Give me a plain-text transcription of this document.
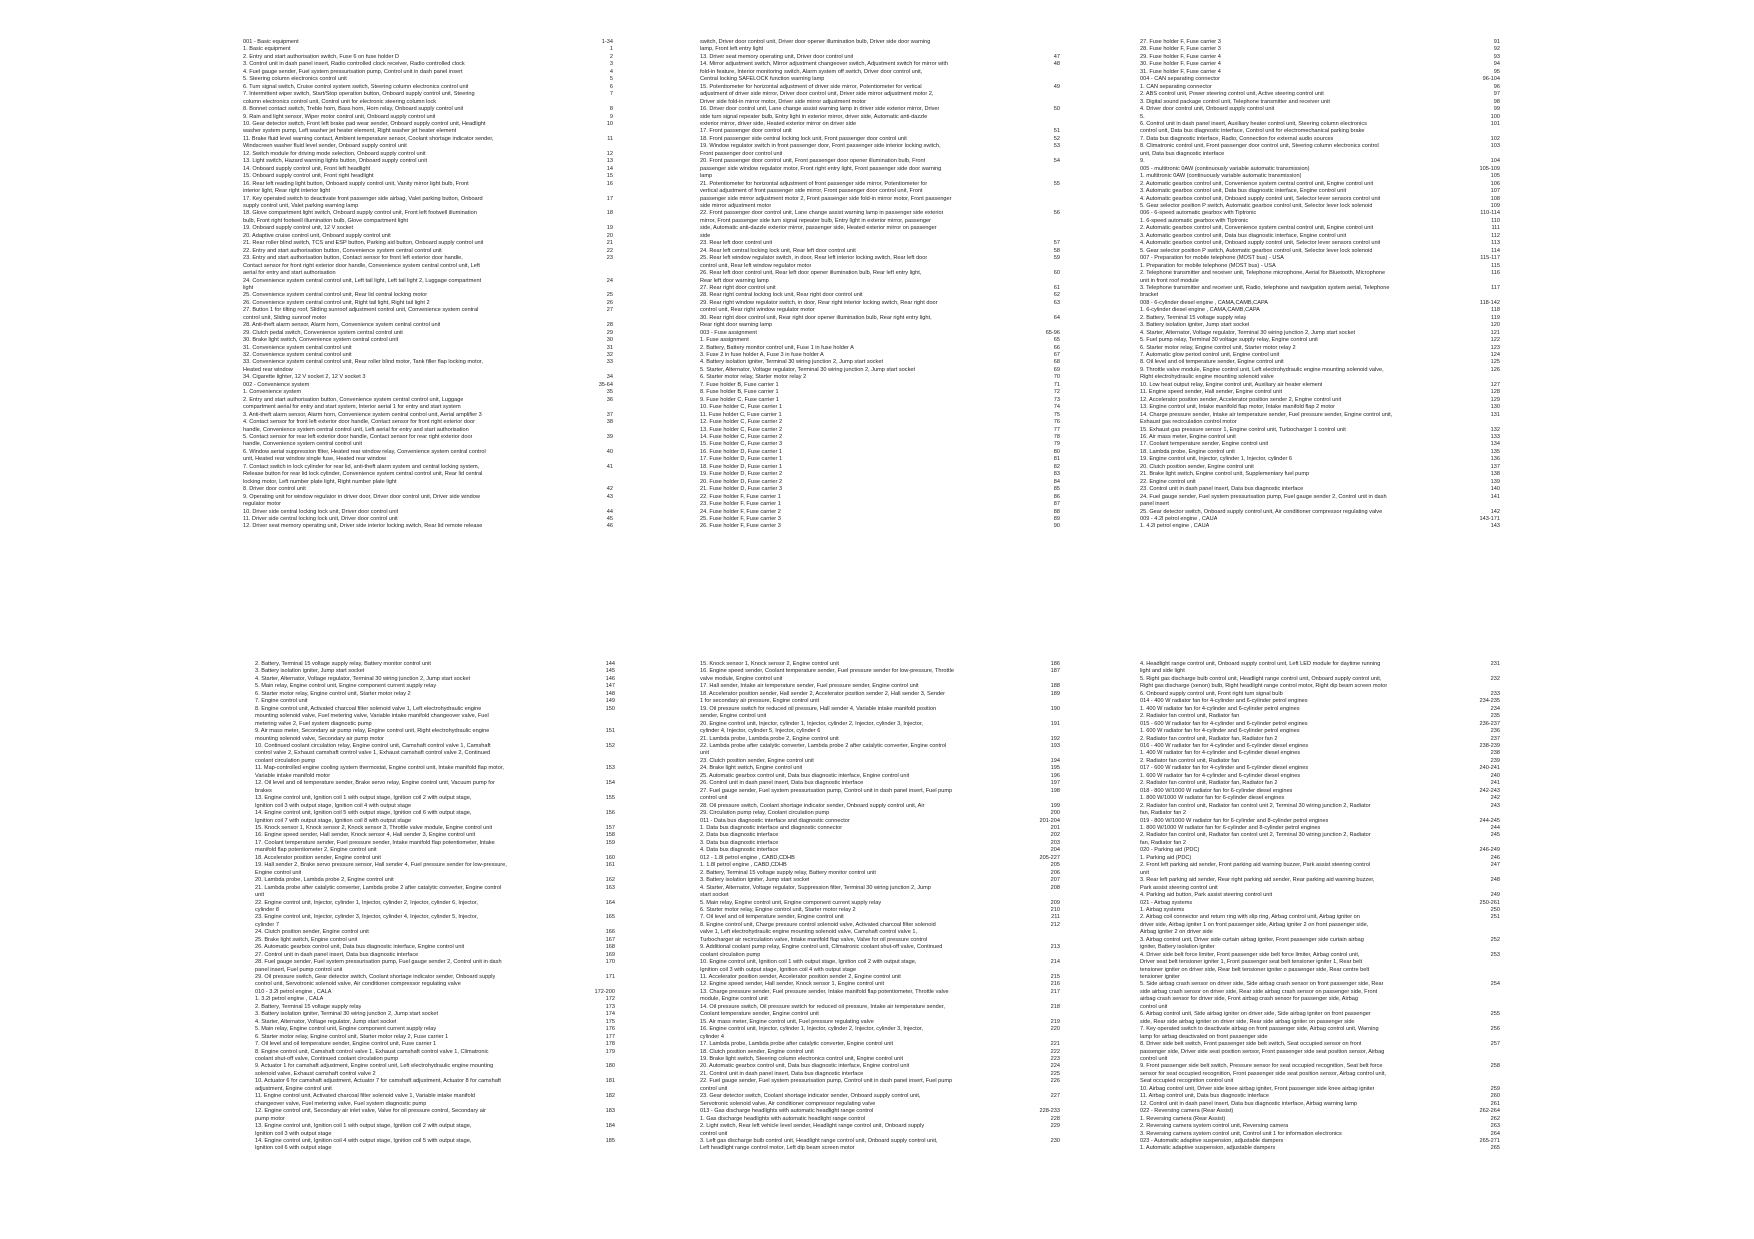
001 - Basic equipment	1-34
1. Basic equipment	1
2. Entry and start authorisation switch, Fuse 6 on fuse holder D	2
3. Control unit in dash panel insert, Radio controlled clock receiver, Radio controlled clock	3
4. Fuel gauge sender, Fuel system pressurisation pump, Control unit in dash panel insert	4
5. Steering column electronics control unit	5
6. Turn signal switch, Cruise control system switch, Steering column electronics control unit	6
7. Intermittent wiper switch, Start/Stop operation button, Onboard supply control unit, Steering	7
column electronics control unit, Control unit for electronic steering column lock
8. Bonnet contact switch, Treble horn, Bass horn, Horn relay, Onboard supply control unit	8
9. Rain and light sensor, Wiper motor control unit, Onboard supply control unit	9
10. Gear detector switch, Front left brake pad wear sender, Onboard supply control unit, Headlight	10
washer system pump, Left washer jet heater element, Right washer jet heater element
11. Brake fluid level warning contact, Ambient temperature sensor, Coolant shortage indicator sender,	11
Windscreen washer fluid level sender, Onboard supply control unit
12. Switch module for driving mode selection, Onboard supply control unit	12
13. Light switch, Hazard warning lights button, Onboard supply control unit	13
14. Onboard supply control unit, Front left headlight	14
15. Onboard supply control unit, Front right headlight	15
16. Rear left reading light button, Onboard supply control unit, Vanity mirror light bulb, Front	16
interior light, Rear right interior light
17. Key operated switch to deactivate front passenger side airbag, Valet parking button, Onboard	17
supply control unit, Valet parking warning lamp
18. Glove compartment light switch, Onboard supply control unit, Front left footwell illumination	18
bulb, Front right footwell illumination bulb, Glove compartment light
19. Onboard supply control unit, 12 V socket	19
20. Adaptive cruise control unit, Onboard supply control unit	20
21. Rear roller blind switch, TCS and ESP button, Parking aid button, Onboard supply control unit	21
22. Entry and start authorisation button, Convenience system central control unit	22
23. Entry and start authorisation button, Contact sensor for front left exterior door handle,	23
Contact sensor for front right exterior door handle, Convenience system central control unit, Left
aerial for entry and start authorisation
24. Convenience system central control unit, Left tail light, Left tail light 2, Luggage compartment	24
light
25. Convenience system central control unit, Rear lid central locking motor	25
26. Convenience system central control unit, Right tail light, Right tail light 2	26
27. Button 1 for tilting roof, Sliding sunroof adjustment control unit, Convenience system central	27
control unit, Sliding sunroof motor
28. Anti-theft alarm sensor, Alarm horn, Convenience system central control unit	28
29. Clutch pedal switch, Convenience system central control unit	29
30. Brake light switch, Convenience system central control unit	30
31. Convenience system central control unit	31
32. Convenience system central control unit	32
33. Convenience system central control unit, Rear roller blind motor, Tank filler flap locking motor,	33
Heated rear window
34. Cigarette lighter, 12 V socket 2, 12 V socket 3	34
002 - Convenience system	35-64
1. Convenience system	35
2. Entry and start authorisation button, Convenience system central control unit, Luggage	36
compartment aerial for entry and start system, Interior aerial 1 for entry and start system
3. Anti-theft alarm sensor, Alarm horn, Convenience system central control unit, Aerial amplifier 3	37
4. Contact sensor for front left exterior door handle, Contact sensor for front right exterior door	38
handle, Convenience system central control unit, Left aerial for entry and start authorisation
5. Contact sensor for rear left exterior door handle, Contact sensor for rear right exterior door	39
handle, Convenience system central control unit
6. Window aerial suppression filter, Heated rear window relay, Convenience system central control	40
unit, Heated rear window single fuse, Heated rear window
7. Contact switch in lock cylinder for rear lid, anti-theft alarm system and central locking system,	41
Release button for rear lid lock cylinder, Convenience system central control unit, Rear lid central
locking motor, Left number plate light, Right number plate light
8. Driver door control unit	42
9. Operating unit for window regulator in driver door, Driver door control unit, Driver side window	43
regulator motor
10. Driver side central locking lock unit, Driver door control unit	44
11. Driver side central locking lock unit, Driver door control unit	45
12. Driver seat memory operating unit, Driver side interior locking switch, Rear lid remote release	46
switch, Driver door control unit, Driver door opener illumination bulb, Driver side door warning
lamp, Front left entry light
13. Driver seat memory operating unit, Driver door control unit	47
14. Mirror adjustment switch, Mirror adjustment changeover switch, Adjustment switch for mirror with	48
fold-in feature, Interior monitoring switch, Alarm system off switch, Driver door control unit,
Central locking SAFELOCK function warning lamp
15. Potentiometer for horizontal adjustment of driver side mirror, Potentiometer for vertical	49
adjustment of driver side mirror, Driver door control unit, Driver side mirror adjustment motor 2,
Driver side fold-in mirror motor, Driver side mirror adjustment motor
16. Driver door control unit, Lane change assist warning lamp in driver side exterior mirror, Driver	50
side turn signal repeater bulb, Entry light in exterior mirror, driver side, Automatic anti-dazzle
exterior mirror, driver side, Heated exterior mirror on driver side
17. Front passenger door control unit	51
18. Front passenger side central locking lock unit, Front passenger door control unit	52
19. Window regulator switch in front passenger door, Front passenger side interior locking switch,	53
Front passenger door control unit
20. Front passenger door control unit, Front passenger door opener illumination bulb, Front	54
passenger side window regulator motor, Front right entry light, Front passenger side door warning
lamp
21. Potentiometer for horizontal adjustment of front passenger side mirror, Potentiometer for	55
vertical adjustment of front passenger side mirror, Front passenger door control unit, Front
passenger side mirror adjustment motor 2, Front passenger side fold-in mirror motor, Front passenger
side mirror adjustment motor
22. Front passenger door control unit, Lane change assist warning lamp in passenger side exterior	56
mirror, Front passenger side turn signal repeater bulb, Entry light in exterior mirror, passenger
side, Automatic anti-dazzle exterior mirror, passenger side, Heated exterior mirror on passenger
side
23. Rear left door control unit	57
24. Rear left central locking lock unit, Rear left door control unit	58
25. Rear left window regulator switch, in door, Rear left interior locking switch, Rear left door	59
control unit, Rear left window regulator motor
26. Rear left door control unit, Rear left door opener illumination bulb, Rear left entry light,	60
Rear left door warning lamp
27. Rear right door control unit	61
28. Rear right central locking lock unit, Rear right door control unit	62
29. Rear right window regulator switch, in door, Rear right interior locking switch, Rear right door	63
control unit, Rear right window regulator motor
30. Rear right door control unit, Rear right door opener illumination bulb, Rear right entry light,	64
Rear right door warning lamp
003 - Fuse assignment	65-96
1. Fuse assignment	65
2. Battery, Battery monitor control unit, Fuse 1 in fuse holder A	66
3. Fuse 2 in fuse holder A, Fuse 3 in fuse holder A	67
4. Battery isolation igniter, Terminal 30 wiring junction 2, Jump start socket	68
5. Starter, Alternator, Voltage regulator, Terminal 30 wiring junction 2, Jump start socket	69
6. Starter motor relay, Starter motor relay 2	70
7. Fuse holder B, Fuse carrier 1	71
8. Fuse holder B, Fuse carrier 1	72
9. Fuse holder C, Fuse carrier 1	73
10. Fuse holder C, Fuse carrier 1	74
11. Fuse holder C, Fuse carrier 1	75
12. Fuse holder C, Fuse carrier 2	76
13. Fuse holder C, Fuse carrier 2	77
14. Fuse holder C, Fuse carrier 2	78
15. Fuse holder C, Fuse carrier 3	79
16. Fuse holder D, Fuse carrier 1	80
17. Fuse holder D, Fuse carrier 1	81
18. Fuse holder D, Fuse carrier 1	82
19. Fuse holder D, Fuse carrier 2	83
20. Fuse holder D, Fuse carrier 2	84
21. Fuse holder D, Fuse carrier 3	85
22. Fuse holder F, Fuse carrier 1	86
23. Fuse holder F, Fuse carrier 1	87
24. Fuse holder F, Fuse carrier 2	88
25. Fuse holder F, Fuse carrier 3	89
26. Fuse holder F, Fuse carrier 3	90
27. Fuse holder F, Fuse carrier 3	91
28. Fuse holder F, Fuse carrier 3	92
29. Fuse holder F, Fuse carrier 4	93
30. Fuse holder F, Fuse carrier 4	94
31. Fuse holder F, Fuse carrier 4	95
004 - CAN separating connector	96-104
1. CAN separating connector	96
2. ABS control unit, Power steering control unit, Active steering control unit	97
3. Digital sound package control unit, Telephone transmitter and receiver unit	98
4. Driver door control unit, Onboard supply control unit	99
5.	100
6. Control unit in dash panel insert, Auxiliary heater control unit, Steering column electronics	101
control unit, Data bus diagnostic interface, Control unit for electromechanical parking brake
7. Data bus diagnostic interface, Radio, Connection for external audio sources	102
8. Climatronic control unit, Front passenger door control unit, Steering column electronics control	103
unit, Data bus diagnostic interface
9.	104
005 - multitronic 0AW (continuously variable automatic transmission)	105-109
1. multitronic 0AW (continuously variable automatic transmission)	105
2. Automatic gearbox control unit, Convenience system central control unit, Engine control unit	106
3. Automatic gearbox control unit, Data bus diagnostic interface, Engine control unit	107
4. Automatic gearbox control unit, Onboard supply control unit, Selector lever sensors control unit	108
5. Gear selector position P switch, Automatic gearbox control unit, Selector lever lock solenoid	109
006 - 6-speed automatic gearbox with Tiptronic	110-114
1. 6-speed automatic gearbox with Tiptronic	110
2. Automatic gearbox control unit, Convenience system central control unit, Engine control unit	111
3. Automatic gearbox control unit, Data bus diagnostic interface, Engine control unit	112
4. Automatic gearbox control unit, Onboard supply control unit, Selector lever sensors control unit	113
5. Gear selector position P switch, Automatic gearbox control unit, Selector lever lock solenoid	114
007 - Preparation for mobile telephone (MOST bus) - USA	115-117
1. Preparation for mobile telephone (MOST bus) - USA	115
2. Telephone transmitter and receiver unit, Telephone microphone, Aerial for Bluetooth, Microphone	116
unit in front roof module
3. Telephone transmitter and receiver unit, Radio, telephone and navigation system aerial, Telephone	117
bracket
008 - 6-cylinder diesel engine , CAMA,CAMB,CAPA	118-142
1. 6-cylinder diesel engine , CAMA,CAMB,CAPA	118
2. Battery, Terminal 15 voltage supply relay	119
3. Battery isolation igniter, Jump start socket	120
4. Starter, Alternator, Voltage regulator, Terminal 30 wiring junction 2, Jump start socket	121
5. Fuel pump relay, Terminal 30 voltage supply relay, Engine control unit	122
6. Starter motor relay, Engine control unit, Starter motor relay 2	123
7. Automatic glow period control unit, Engine control unit	124
8. Oil level and oil temperature sender, Engine control unit	125
9. Throttle valve module, Engine control unit, Left electrohydraulic engine mounting solenoid valve,	126
Right electrohydraulic engine mounting solenoid valve
10. Low heat output relay, Engine control unit, Auxiliary air heater element	127
11. Engine speed sender, Hall sender, Engine control unit	128
12. Accelerator position sender, Accelerator position sender 2, Engine control unit	129
13. Engine control unit, Intake manifold flap motor, Intake manifold flap 2 motor	130
14. Charge pressure sender, Intake air temperature sender, Fuel pressure sender, Engine control unit,	131
Exhaust gas recirculation control motor
15. Exhaust gas pressure sensor 1, Engine control unit, Turbocharger 1 control unit	132
16. Air mass meter, Engine control unit	133
17. Coolant temperature sender, Engine control unit	134
18. Lambda probe, Engine control unit	135
19. Engine control unit, Injector, cylinder 1, Injector, cylinder 6	136
20. Clutch position sender, Engine control unit	137
21. Brake light switch, Engine control unit, Supplementary fuel pump	138
22. Engine control unit	139
23. Control unit in dash panel insert, Data bus diagnostic interface	140
24. Fuel gauge sender, Fuel system pressurisation pump, Fuel gauge sender 2, Control unit in dash	141
panel insert
25. Gear detector switch, Onboard supply control unit, Air conditioner compressor regulating valve	142
009 - 4.2l petrol engine , CAUA	143-171
1. 4.2l petrol engine , CAUA	143
2. Battery, Terminal 15 voltage supply relay, Battery monitor control unit	144
3. Battery isolation igniter, Jump start socket	145
4. Starter, Alternator, Voltage regulator, Terminal 30 wiring junction 2, Jump start socket	146
5. Main relay, Engine control unit, Engine component current supply relay	147
6. Starter motor relay, Engine control unit, Starter motor relay 2	148
7. Engine control unit	149
8. Engine control unit, Activated charcoal filter solenoid valve 1, Left electrohydraulic engine	150
mounting solenoid valve, Fuel metering valve, Variable intake manifold changeover valve, Fuel
metering valve 2, Fuel system diagnostic pump
9. Air mass meter, Secondary air pump relay, Engine control unit, Right electrohydraulic engine	151
mounting solenoid valve, Secondary air pump motor
10. Continued coolant circulation relay, Engine control unit, Camshaft control valve 1, Camshaft	152
control valve 2, Exhaust camshaft control valve 1, Exhaust camshaft control valve 2, Continued
coolant circulation pump
11. Map-controlled engine cooling system thermostat, Engine control unit, Intake manifold flap motor,	153
Variable intake manifold motor
12. Oil level and oil temperature sender, Brake servo relay, Engine control unit, Vacuum pump for	154
brakes
13. Engine control unit, Ignition coil 1 with output stage, Ignition coil 2 with output stage,	155
Ignition coil 3 with output stage, Ignition coil 4 with output stage
14. Engine control unit, Ignition coil 5 with output stage, Ignition coil 6 with output stage,	156
Ignition coil 7 with output stage, Ignition coil 8 with output stage
15. Knock sensor 1, Knock sensor 2, Knock sensor 3, Throttle valve module, Engine control unit	157
16. Engine speed sender, Hall sender, Knock sensor 4, Hall sender 3, Engine control unit	158
17. Coolant temperature sender, Fuel pressure sender, Intake manifold flap potentiometer, Intake	159
manifold flap potentiometer 2, Engine control unit
18. Accelerator position sender, Engine control unit	160
19. Hall sender 2, Brake servo pressure sensor, Hall sender 4, Fuel pressure sender for low-pressure,	161
Engine control unit
20. Lambda probe, Lambda probe 2, Engine control unit	162
21. Lambda probe after catalytic converter, Lambda probe 2 after catalytic converter, Engine control	163
unit
22. Engine control unit, Injector, cylinder 1, Injector, cylinder 2, Injector, cylinder 6, Injector,	164
cylinder 8
23. Engine control unit, Injector, cylinder 3, Injector, cylinder 4, Injector, cylinder 5, Injector,	165
cylinder 7
24. Clutch position sender, Engine control unit	166
25. Brake light switch, Engine control unit	167
26. Automatic gearbox control unit, Data bus diagnostic interface, Engine control unit	168
27. Control unit in dash panel insert, Data bus diagnostic interface	169
28. Fuel gauge sender, Fuel system pressurisation pump, Fuel gauge sender 2, Control unit in dash	170
panel insert, Fuel pump control unit
29. Oil pressure switch, Gear detector switch, Coolant shortage indicator sender, Onboard supply	171
control unit, Servotronic solenoid valve, Air conditioner compressor regulating valve
010 - 3.2l petrol engine , CALA	172-200
1. 3.2l petrol engine , CALA	172
2. Battery, Terminal 15 voltage supply relay	173
3. Battery isolation igniter, Terminal 30 wiring junction 2, Jump start socket	174
4. Starter, Alternator, Voltage regulator, Jump start socket	175
5. Main relay, Engine control unit, Engine component current supply relay	176
6. Starter motor relay, Engine control unit, Starter motor relay 2, Fuse carrier 1	177
7. Oil level and oil temperature sender, Engine control unit, Fuse carrier 1	178
8. Engine control unit, Camshaft control valve 1, Exhaust camshaft control valve 1, Climatronic	179
coolant shut-off valve, Continued coolant circulation pump
9. Actuator 1 for camshaft adjustment, Engine control unit, Left electrohydraulic engine mounting	180
solenoid valve, Exhaust camshaft control valve 2
10. Actuator 6 for camshaft adjustment, Actuator 7 for camshaft adjustment, Actuator 8 for camshaft	181
adjustment, Engine control unit
11. Engine control unit, Activated charcoal filter solenoid valve 1, Variable intake manifold	182
changeover valve, Fuel metering valve, Fuel system diagnostic pump
12. Engine control unit, Secondary air inlet valve, Valve for oil pressure control, Secondary air	183
pump motor
13. Engine control unit, Ignition coil 1 with output stage, Ignition coil 2 with output stage,	184
Ignition coil 3 with output stage
14. Engine control unit, Ignition coil 4 with output stage, Ignition coil 5 with output stage,	185
Ignition coil 6 with output stage
15. Knock sensor 1, Knock sensor 2, Engine control unit	186
16. Engine speed sender, Coolant temperature sender, Fuel pressure sender for low-pressure, Throttle	187
valve module, Engine control unit
17. Hall sender, Intake air temperature sender, Fuel pressure sender, Engine control unit	188
18. Accelerator position sender, Hall sender 2, Accelerator position sender 2, Hall sender 3, Sender	189
1 for secondary air pressure, Engine control unit
19. Oil pressure switch for reduced oil pressure, Hall sender 4, Variable intake manifold position	190
sender, Engine control unit
20. Engine control unit, Injector, cylinder 1, Injector, cylinder 2, Injector, cylinder 3, Injector,	191
cylinder 4, Injector, cylinder 5, Injector, cylinder 6
21. Lambda probe, Lambda probe 2, Engine control unit	192
22. Lambda probe after catalytic converter, Lambda probe 2 after catalytic converter, Engine control	193
unit
23. Clutch position sender, Engine control unit	194
24. Brake light switch, Engine control unit	195
25. Automatic gearbox control unit, Data bus diagnostic interface, Engine control unit	196
26. Control unit in dash panel insert, Data bus diagnostic interface	197
27. Fuel gauge sender, Fuel system pressurisation pump, Control unit in dash panel insert, Fuel pump	198
control unit
28. Oil pressure switch, Coolant shortage indicator sender, Onboard supply control unit, Air	199
29. Circulation pump relay, Coolant circulation pump	200
011 - Data bus diagnostic interface and diagnostic connector	201-204
1. Data bus diagnostic interface and diagnostic connector	201
2. Data bus diagnostic interface	202
3. Data bus diagnostic interface	203
4. Data bus diagnostic interface	204
012 - 1.8l petrol engine , CABD,CDHB	205-227
1. 1.8l petrol engine , CABD,CDHB	205
2. Battery, Terminal 15 voltage supply relay, Battery monitor control unit	206
3. Battery isolation igniter, Jump start socket	207
4. Starter, Alternator, Voltage regulator, Suppression filter, Terminal 30 wiring junction 2, Jump	208
start socket
5. Main relay, Engine control unit, Engine component current supply relay	209
6. Starter motor relay, Engine control unit, Starter motor relay 2	210
7. Oil level and oil temperature sender, Engine control unit	211
8. Engine control unit, Charge pressure control solenoid valve, Activated charcoal filter solenoid	212
valve 1, Left electrohydraulic engine mounting solenoid valve, Camshaft control valve 1,
Turbocharger air recirculation valve, Intake manifold flap valve, Valve for oil pressure control
9. Additional coolant pump relay, Engine control unit, Climatronic coolant shut-off valve, Continued	213
coolant circulation pump
10. Engine control unit, Ignition coil 1 with output stage, Ignition coil 2 with output stage,	214
Ignition coil 3 with output stage, Ignition coil 4 with output stage
11. Accelerator position sender, Accelerator position sender 2, Engine control unit	215
12. Engine speed sender, Hall sender, Knock sensor 1, Engine control unit	216
13. Charge pressure sender, Fuel pressure sender, Intake manifold flap potentiometer, Throttle valve	217
module, Engine control unit
14. Oil pressure switch, Oil pressure switch for reduced oil pressure, Intake air temperature sender,	218
Coolant temperature sender, Engine control unit
15. Air mass meter, Engine control unit, Fuel pressure regulating valve	219
16. Engine control unit, Injector, cylinder 1, Injector, cylinder 2, Injector, cylinder 3, Injector,	220
cylinder 4
17. Lambda probe, Lambda probe after catalytic converter, Engine control unit	221
18. Clutch position sender, Engine control unit	222
19. Brake light switch, Steering column electronics control unit, Engine control unit	223
20. Automatic gearbox control unit, Data bus diagnostic interface, Engine control unit	224
21. Control unit in dash panel insert, Data bus diagnostic interface	225
22. Fuel gauge sender, Fuel system pressurisation pump, Control unit in dash panel insert, Fuel pump	226
control unit
23. Gear detector switch, Coolant shortage indicator sender, Onboard supply control unit,	227
Servotronic solenoid valve, Air conditioner compressor regulating valve
013 - Gas discharge headlights with automatic headlight range control	228-233
1. Gas discharge headlights with automatic headlight range control	228
2. Light switch, Rear left vehicle level sender, Headlight range control unit, Onboard supply	229
control unit
3. Left gas discharge bulb control unit, Headlight range control unit, Onboard supply control unit,	230
Left headlight range control motor, Left dip beam screen motor
4. Headlight range control unit, Onboard supply control unit, Left LED module for daytime running	231
light and side light
5. Right gas discharge bulb control unit, Headlight range control unit, Onboard supply control unit,	232
Right gas discharge (xenon) bulb, Right headlight range control motor, Right dip beam screen motor
6. Onboard supply control unit, Front right turn signal bulb	233
014 - 400 W radiator fan for 4-cylinder and 6-cylinder petrol engines	234-235
1. 400 W radiator fan for 4-cylinder and 6-cylinder petrol engines	234
2. Radiator fan control unit, Radiator fan	235
015 - 600 W radiator fan for 4-cylinder and 6-cylinder petrol engines	236-237
1. 600 W radiator fan for 4-cylinder and 6-cylinder petrol engines	236
2. Radiator fan control unit, Radiator fan, Radiator fan 2	237
016 - 400 W radiator fan for 4-cylinder and 6-cylinder diesel engines	238-239
1. 400 W radiator fan for 4-cylinder and 6-cylinder diesel engines	238
2. Radiator fan control unit, Radiator fan	239
017 - 600 W radiator fan for 4-cylinder and 6-cylinder diesel engines	240-241
1. 600 W radiator fan for 4-cylinder and 6-cylinder diesel engines	240
2. Radiator fan control unit, Radiator fan, Radiator fan 2	241
018 - 800 W/1000 W radiator fan for 6-cylinder diesel engines	242-243
1. 800 W/1000 W radiator fan for 6-cylinder diesel engines	242
2. Radiator fan control unit, Radiator fan control unit 2, Terminal 30 wiring junction 2, Radiator	243
fan, Radiator fan 2
019 - 800 W/1000 W radiator fan for 6-cylinder and 8-cylinder petrol engines	244-245
1. 800 W/1000 W radiator fan for 6-cylinder and 8-cylinder petrol engines	244
2. Radiator fan control unit, Radiator fan control unit 2, Terminal 30 wiring junction 2, Radiator	245
fan, Radiator fan 2
020 - Parking aid (PDC)	246-249
1. Parking aid (PDC)	246
2. Front left parking aid sender, Front parking aid warning buzzer, Park assist steering control	247
unit
3. Rear left parking aid sender, Rear right parking aid sender, Rear parking aid warning buzzer,	248
Park assist steering control unit
4. Parking aid button, Park assist steering control unit	249
021 - Airbag systems	250-261
1. Airbag systems	250
2. Airbag coil connector and return ring with slip ring, Airbag control unit, Airbag igniter on	251
driver side, Airbag igniter 1 on front passenger side, Airbag igniter 2 on front passenger side,
Airbag igniter 2 on driver side
3. Airbag control unit, Driver side curtain airbag igniter, Front passenger side curtain airbag	252
igniter, Battery isolation igniter
4. Driver side belt force limiter, Front passenger side belt force limiter, Airbag control unit,	253
Driver seat belt tensioner igniter 1, Front passenger seat belt tensioner igniter 1, Rear belt
tensioner igniter on driver side, Rear belt tensioner igniter o passenger side, Rear centre belt
tensioner igniter
5. Side airbag crash sensor on driver side, Side airbag crash sensor on front passenger side, Rear	254
side airbag crash sensor on driver side, Rear side airbag crash sensor on passenger side, Front
airbag crash sensor for driver side, Front airbag crash sensor for passenger side, Airbag
control unit
6. Airbag control unit, Side airbag igniter on driver side, Side airbag igniter on front passenger	255
side, Rear side airbag igniter on driver side, Rear side airbag igniter on passenger side
7. Key operated switch to deactivate airbag on front passenger side, Airbag control unit, Warning	256
lamp for airbag deactivated on front passenger side
8. Driver side belt switch, Front passenger side belt switch, Seat occupied sensor on front	257
passenger side, Driver side seat position sensor, Front passenger side seat position sensor, Airbag
control unit
9. Front passenger side belt switch, Pressure sensor for seat occupied recognition, Seat belt force	258
sensor for seat occupied recognition, Front passenger side seat position sensor, Airbag control unit,
Seat occupied recognition control unit
10. Airbag control unit, Driver side knee airbag igniter, Front passenger side knee airbag igniter	259
11. Airbag control unit, Data bus diagnostic interface	260
12. Control unit in dash panel insert, Data bus diagnostic interface, Airbag warning lamp	261
022 - Reversing camera (Rear Assist)	262-264
1. Reversing camera (Rear Assist)	262
2. Reversing camera system control unit, Reversing camera	263
3. Reversing camera system control unit, Control unit 1 for information electronics	264
023 - Automatic adaptive suspension, adjustable dampers	265-271
1. Automatic adaptive suspension, adjustable dampers	265
